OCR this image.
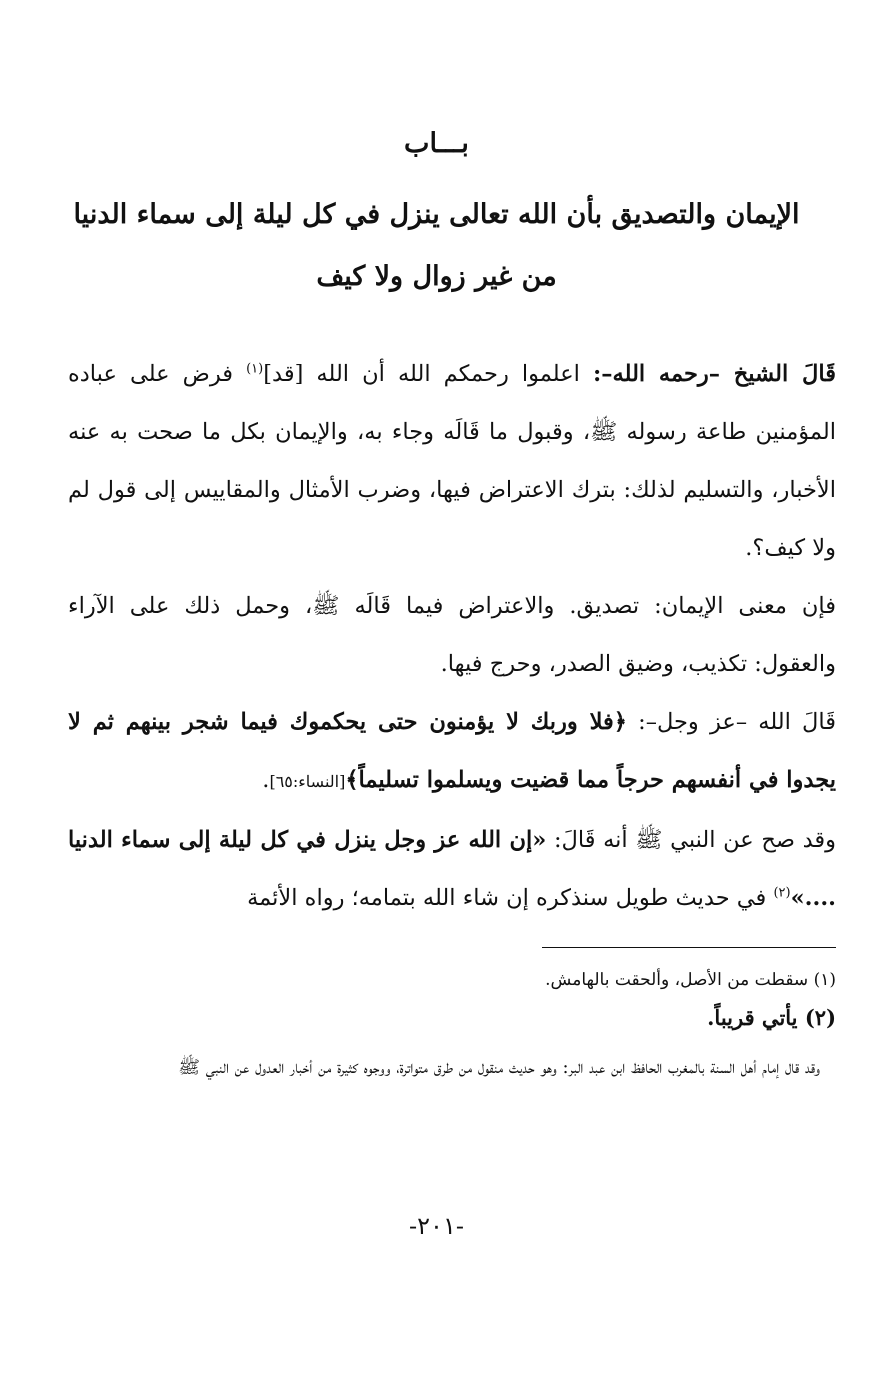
بـــاب
الإيمان والتصديق بأن الله تعالى ينزل في كل ليلة إلى سماء الدنيا
من غير زوال ولا كيف

قَالَ الشيخ –رحمه الله–: اعلموا رحمكم الله أن الله [قد]$^{(١)}$ فرض على عباده المؤمنين طاعة رسوله ﷺ، وقبول ما قَالَه وجاء به، والإيمان بكل ما صحت به عنه الأخبار، والتسليم لذلك: بترك الاعتراض فيها، وضرب الأمثال والمقاييس إلى قول لم ولا كيف؟.

فإن معنى الإيمان: تصديق. والاعتراض فيما قَالَه ﷺ، وحمل ذلك على الآراء والعقول: تكذيب، وضيق الصدر، وحرج فيها.

قَالَ الله –عز وجل–: ﴿فلا وربك لا يؤمنون حتى يحكموك فيما شجر بينهم ثم لا يجدوا في أنفسهم حرجاً مما قضيت ويسلموا تسليماً﴾[النساء:٦٥].

وقد صح عن النبي ﷺ أنه قَالَ: «إن الله عز وجل ينزل في كل ليلة إلى سماء الدنيا ....»$^{(٢)}$ في حديث طويل سنذكره إن شاء الله بتمامه؛ رواه الأئمة

(١) سقطت من الأصل، وألحقت بالهامش.

(٢) يأتي قريباً.

وقد قال إمام أهل السنة بالمغرب الحافظ ابن عبد البر: وهو حديث منقول من طرق متواترة، ووجوه كثيرة من أخبار العدول عن النبي ﷺ

-٢٠١-
